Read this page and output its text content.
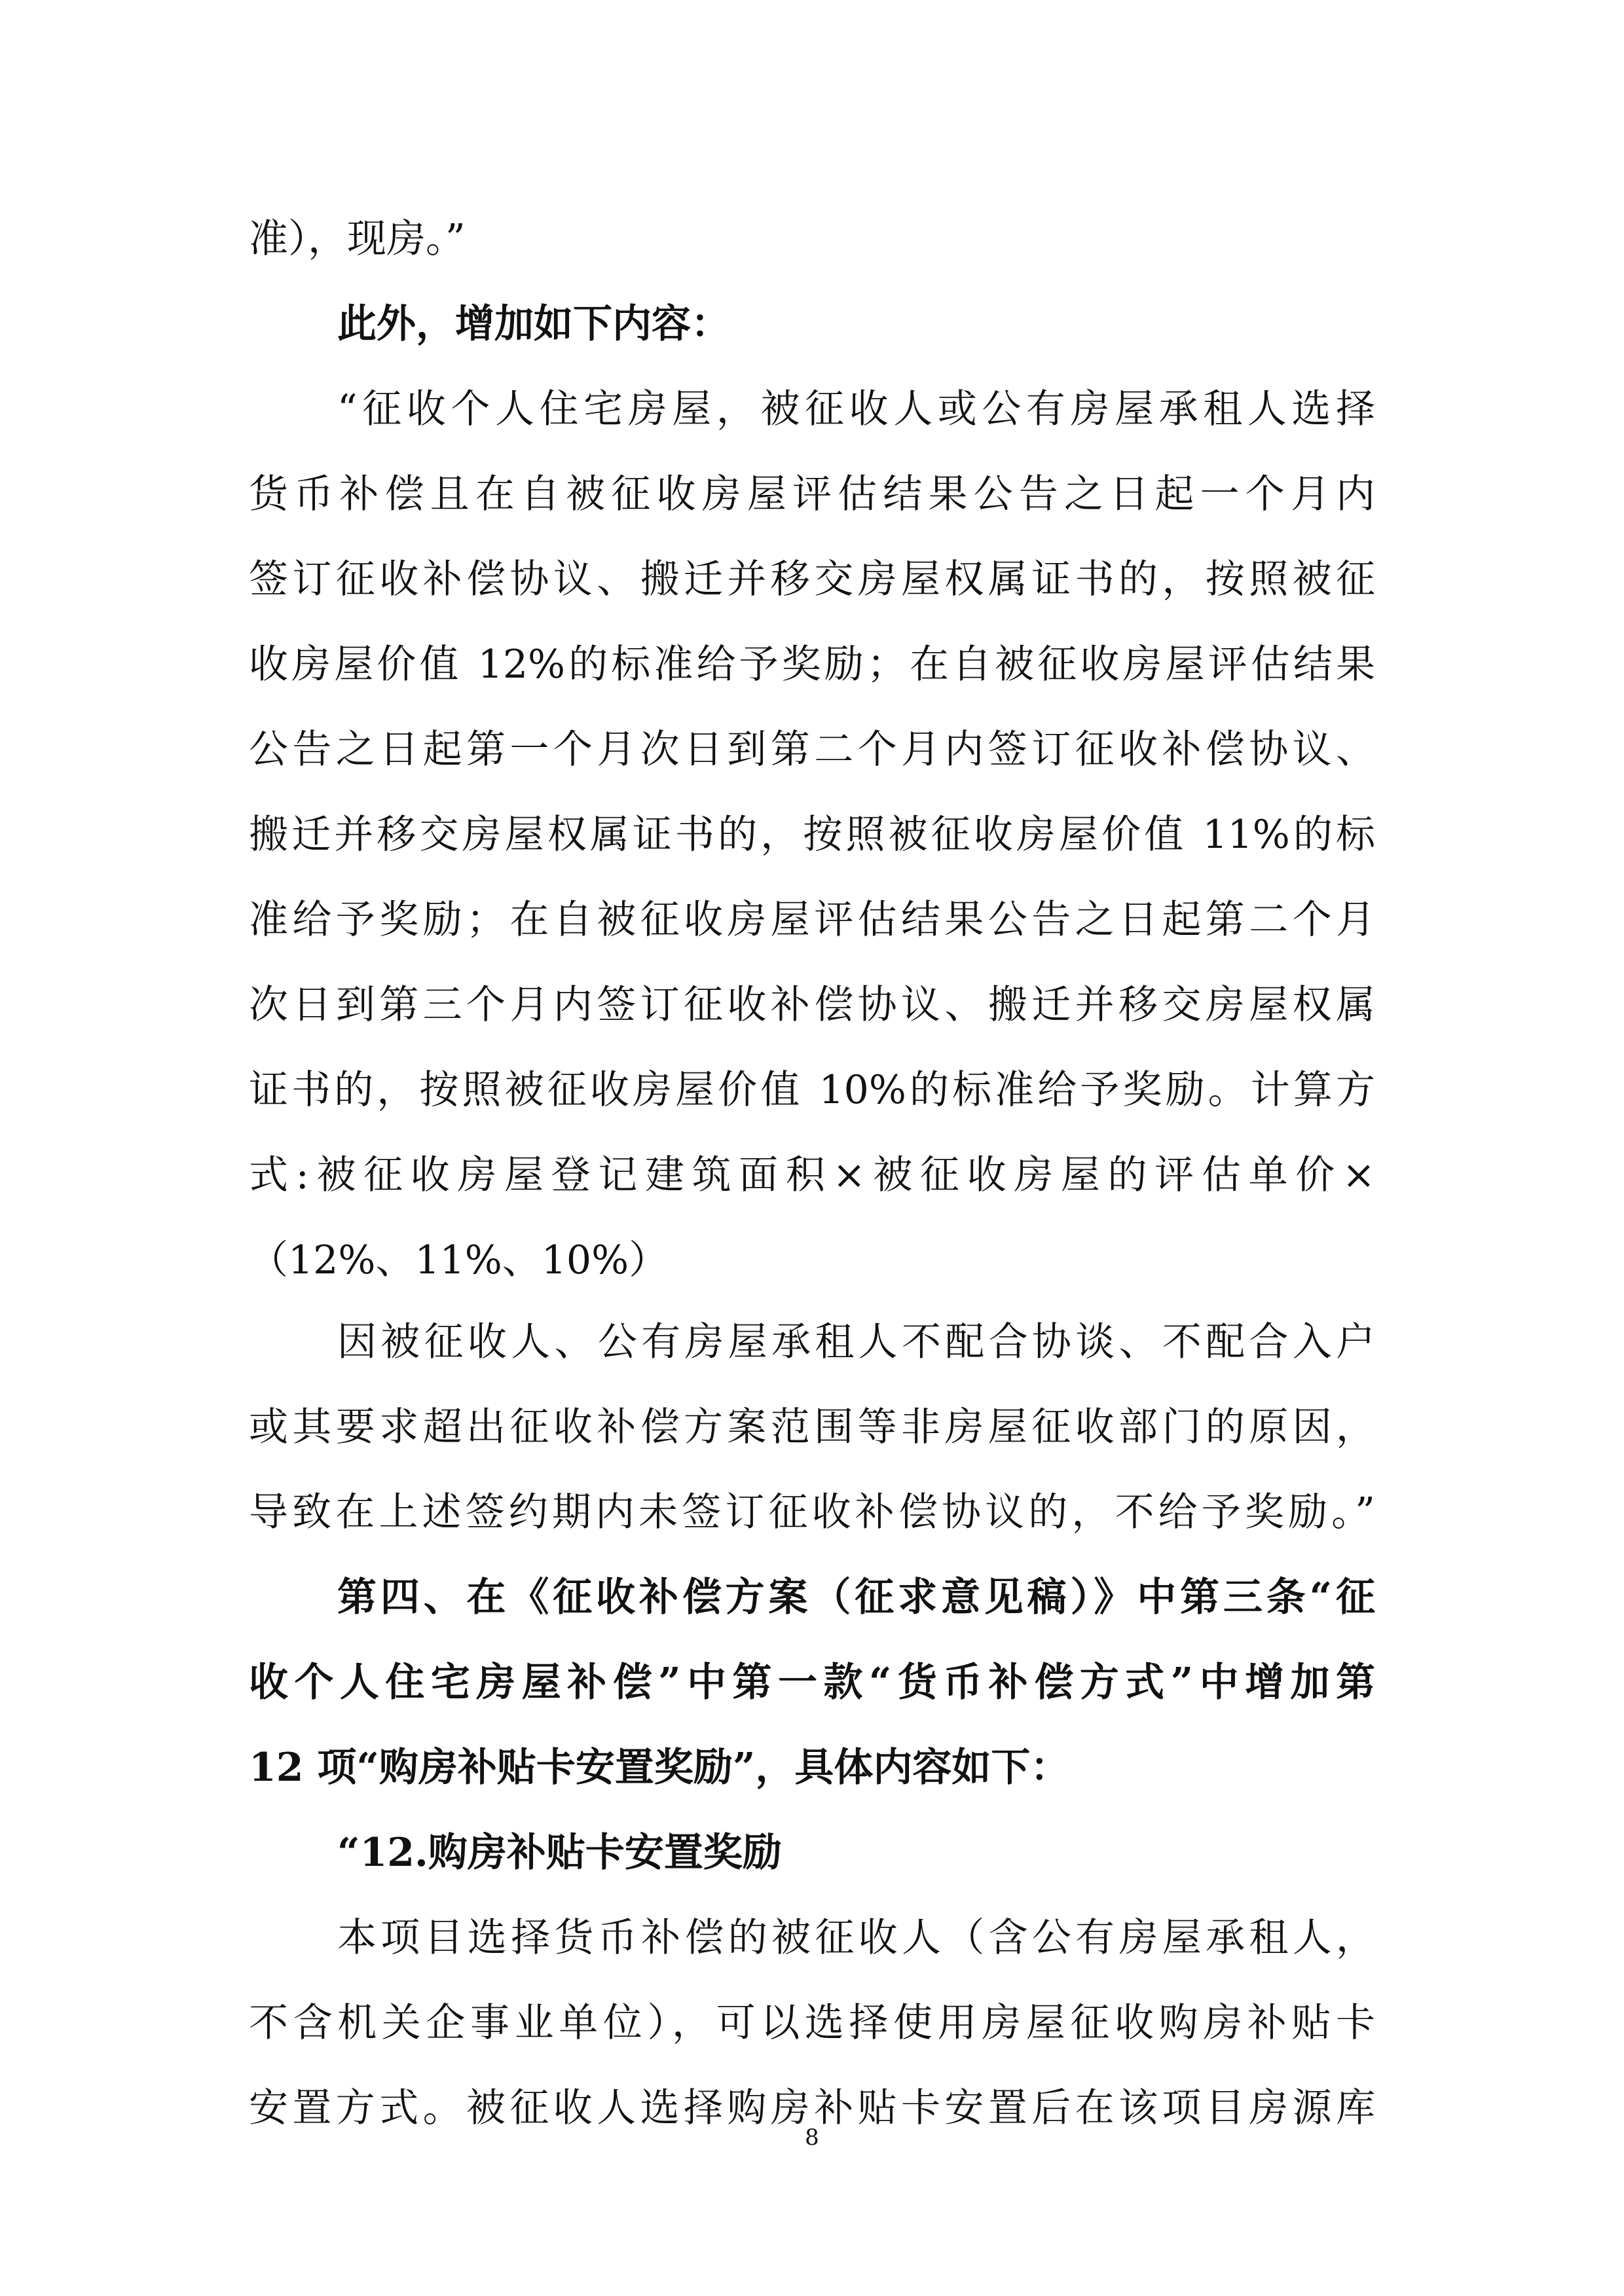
准），现房。”
此外，增加如下内容：
“征收个人住宅房屋，被征收人或公有房屋承租人选择
货币补偿且在自被征收房屋评估结果公告之日起一个月内
签订征收补偿协议、搬迁并移交房屋权属证书的，按照被征
收房屋价值 12%的标准给予奖励；在自被征收房屋评估结果
公告之日起第一个月次日到第二个月内签订征收补偿协议、
搬迁并移交房屋权属证书的，按照被征收房屋价值 11%的标
准给予奖励；在自被征收房屋评估结果公告之日起第二个月
次日到第三个月内签订征收补偿协议、搬迁并移交房屋权属
证书的，按照被征收房屋价值 10%的标准给予奖励。计算方
式:被征收房屋登记建筑面积×被征收房屋的评估单价×
（12%、11%、10%）
因被征收人、公有房屋承租人不配合协谈、不配合入户
或其要求超出征收补偿方案范围等非房屋征收部门的原因，
导致在上述签约期内未签订征收补偿协议的，不给予奖励。”
第四、在《征收补偿方案（征求意见稿）》中第三条“征
收个人住宅房屋补偿”中第一款“货币补偿方式”中增加第
12 项“购房补贴卡安置奖励”，具体内容如下：
“12.购房补贴卡安置奖励
本项目选择货币补偿的被征收人（含公有房屋承租人，
不含机关企事业单位），可以选择使用房屋征收购房补贴卡
安置方式。被征收人选择购房补贴卡安置后在该项目房源库
8
